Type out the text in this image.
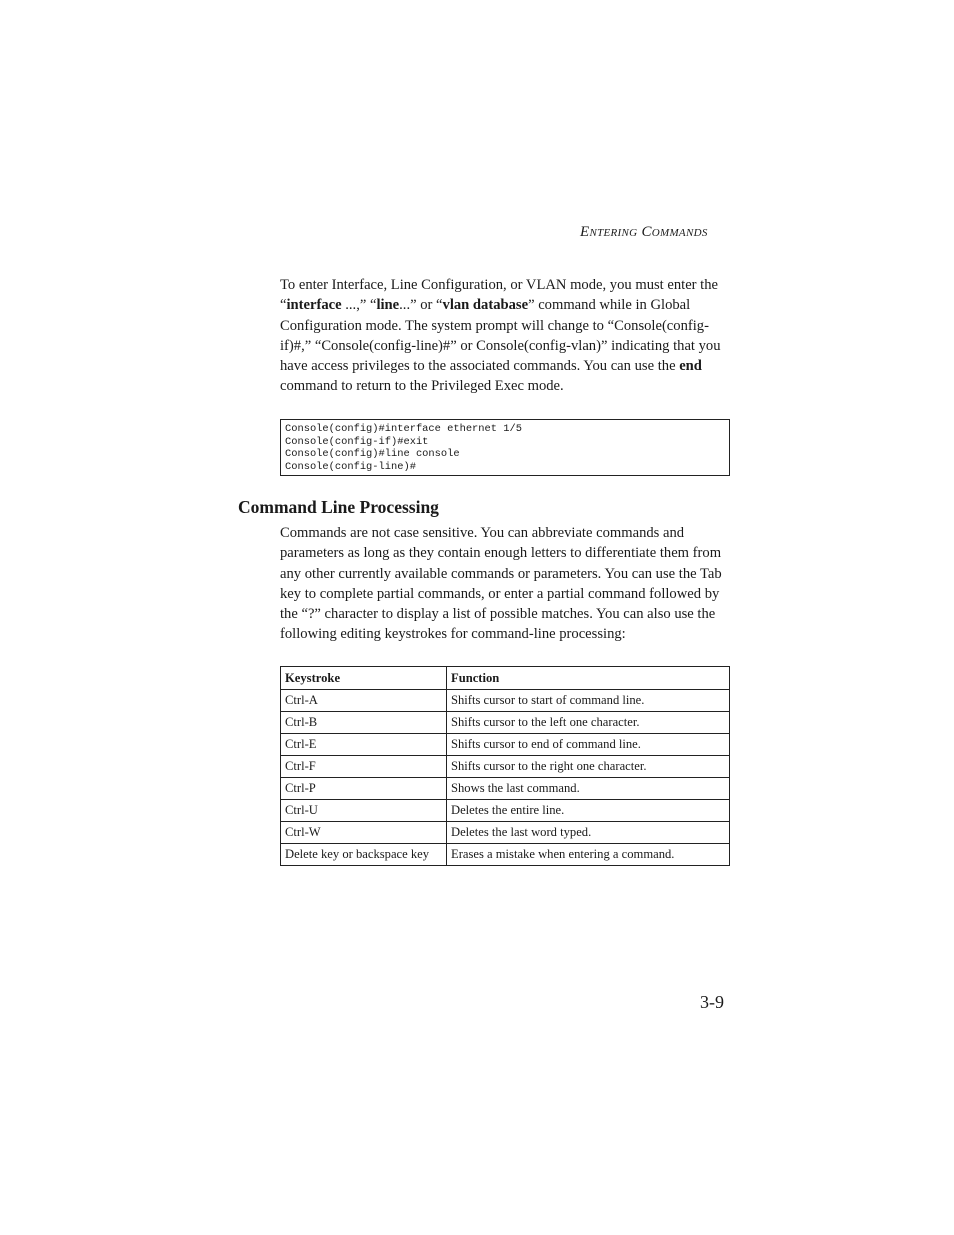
Entering Commands

To enter Interface, Line Configuration, or VLAN mode, you must enter the “interface ...,” “line...” or “vlan database” command while in Global Configuration mode. The system prompt will change to “Console(config-if)#,” “Console(config-line)#” or Console(config-vlan)” indicating that you have access privileges to the associated commands. You can use the end command to return to the Privileged Exec mode.

Console(config)#interface ethernet 1/5
Console(config-if)#exit
Console(config)#line console
Console(config-line)#
Command Line Processing

Commands are not case sensitive. You can abbreviate commands and parameters as long as they contain enough letters to differentiate them from any other currently available commands or parameters. You can use the Tab key to complete partial commands, or enter a partial command followed by the “?” character to display a list of possible matches. You can also use the following editing keystrokes for command-line processing:

Keystroke	Function
Ctrl-A	Shifts cursor to start of command line.
Ctrl-B	Shifts cursor to the left one character.
Ctrl-E	Shifts cursor to end of command line.
Ctrl-F	Shifts cursor to the right one character.
Ctrl-P	Shows the last command.
Ctrl-U	Deletes the entire line.
Ctrl-W	Deletes the last word typed.
Delete key or backspace key	Erases a mistake when entering a command.
3-9
